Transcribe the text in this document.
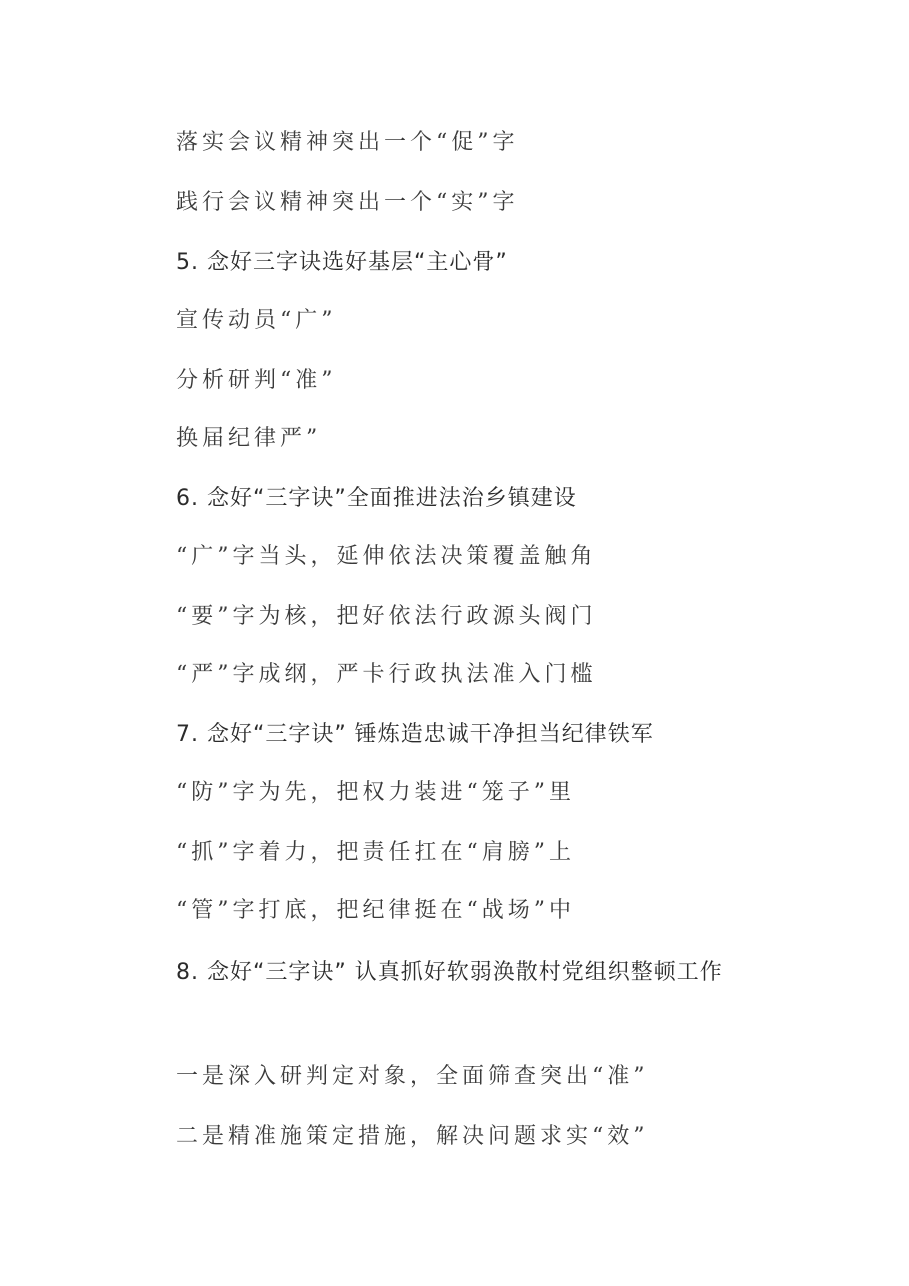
落实会议精神突出一个“促”字
践行会议精神突出一个“实”字
5. 念好三字诀选好基层“主心骨”
宣传动员“广”
分析研判“准”
换届纪律严”
6. 念好“三字诀”全面推进法治乡镇建设
“广”字当头，延伸依法决策覆盖触角
“要”字为核，把好依法行政源头阀门
“严”字成纲，严卡行政执法准入门槛
7. 念好“三字诀” 锤炼造忠诚干净担当纪律铁军
“防”字为先，把权力装进“笼子”里
“抓”字着力，把责任扛在“肩膀”上
“管”字打底，把纪律挺在“战场”中
8. 念好“三字诀” 认真抓好软弱涣散村党组织整顿工作
一是深入研判定对象，全面筛查突出“准”
二是精准施策定措施，解决问题求实“效”
